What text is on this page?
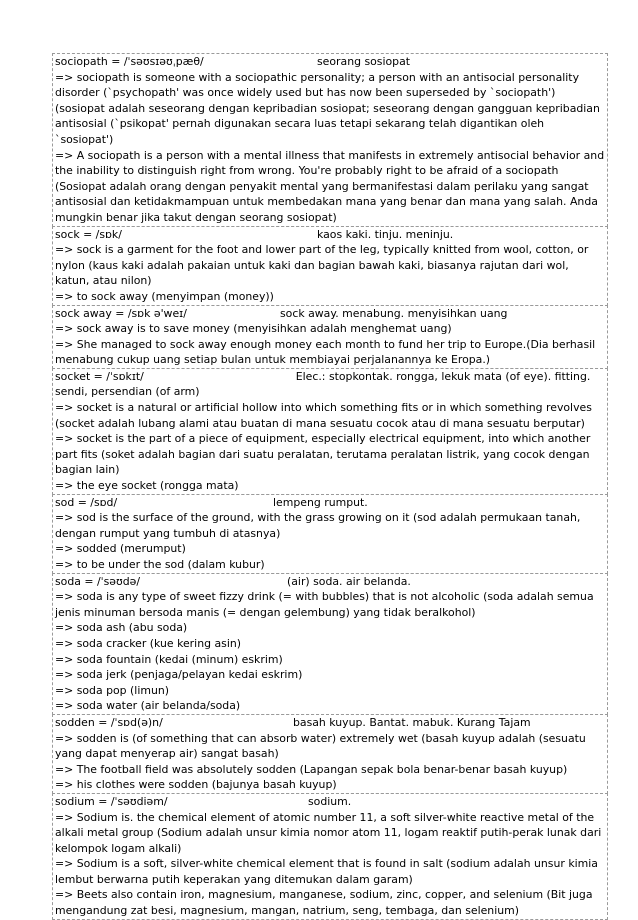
sociopath = /ˈsəʊsɪəʊˌpæθ/	seorang sosiopat
=> sociopath is someone with a sociopathic personality; a person with an antisocial personality disorder (`psychopath' was once widely used but has now been superseded by `sociopath') (sosiopat adalah seseorang dengan kepribadian sosiopat; seseorang dengan gangguan kepribadian antisosial (`psikopat' pernah digunakan secara luas tetapi sekarang telah digantikan oleh `sosiopat')
=> A sociopath is a person with a mental illness that manifests in extremely antisocial behavior and the inability to distinguish right from wrong. You're probably right to be afraid of a sociopath (Sosiopat adalah orang dengan penyakit mental yang bermanifestasi dalam perilaku yang sangat antisosial dan ketidakmampuan untuk membedakan mana yang benar dan mana yang salah. Anda mungkin benar jika takut dengan seorang sosiopat)
sock = /sɒk/	kaos kaki. tinju. meninju.
=> sock is a garment for the foot and lower part of the leg, typically knitted from wool, cotton, or nylon (kaus kaki adalah pakaian untuk kaki dan bagian bawah kaki, biasanya rajutan dari wol, katun, atau nilon)
=> to sock away (menyimpan (money))
sock away = /sɒk ə'weɪ/	sock away. menabung. menyisihkan uang
=> sock away is to save money (menyisihkan adalah menghemat uang)
=> She managed to sock away enough money each month to fund her trip to Europe.(Dia berhasil menabung cukup uang setiap bulan untuk membiayai perjalanannya ke Eropa.)
socket = /ˈsɒkɪt/	Elec.: stopkontak. rongga, lekuk mata (of eye). fitting. sendi, persendian (of arm)
=> socket is a natural or artificial hollow into which something fits or in which something revolves (socket adalah lubang alami atau buatan di mana sesuatu cocok atau di mana sesuatu berputar)
=> socket is the part of a piece of equipment, especially electrical equipment, into which another part fits (soket adalah bagian dari suatu peralatan, terutama peralatan listrik, yang cocok dengan bagian lain)
=> the eye socket (rongga mata)
sod = /sɒd/	lempeng rumput.
=> sod is the surface of the ground, with the grass growing on it (sod adalah permukaan tanah, dengan rumput yang tumbuh di atasnya)
=> sodded (merumput)
=> to be under the sod (dalam kubur)
soda = /ˈsəʊdə/	(air) soda. air belanda.
=> soda is any type of sweet fizzy drink (= with bubbles) that is not alcoholic (soda adalah semua jenis minuman bersoda manis (= dengan gelembung) yang tidak beralkohol)
=> soda ash (abu soda)
=> soda cracker (kue kering asin)
=> soda fountain (kedai (minum) eskrim)
=> soda jerk (penjaga/pelayan kedai eskrim)
=> soda pop (limun)
=> soda water (air belanda/soda)
sodden = /ˈsɒd(ə)n/	basah kuyup. Bantat. mabuk. Kurang Tajam
=> sodden is (of something that can absorb water) extremely wet (basah kuyup adalah (sesuatu yang dapat menyerap air) sangat basah)
=> The football field was absolutely sodden (Lapangan sepak bola benar-benar basah kuyup)
=> his clothes were sodden (bajunya basah kuyup)
sodium = /ˈsəʊdiəm/	sodium.
=> Sodium is. the chemical element of atomic number 11, a soft silver-white reactive metal of the alkali metal group (Sodium adalah unsur kimia nomor atom 11, logam reaktif putih-perak lunak dari kelompok logam alkali)
=> Sodium is a soft, silver-white chemical element that is found in salt (sodium adalah unsur kimia lembut berwarna putih keperakan yang ditemukan dalam garam)
=> Beets also contain iron, magnesium, manganese, sodium, zinc, copper, and selenium (Bit juga mengandung zat besi, magnesium, mangan, natrium, seng, tembaga, dan selenium)
